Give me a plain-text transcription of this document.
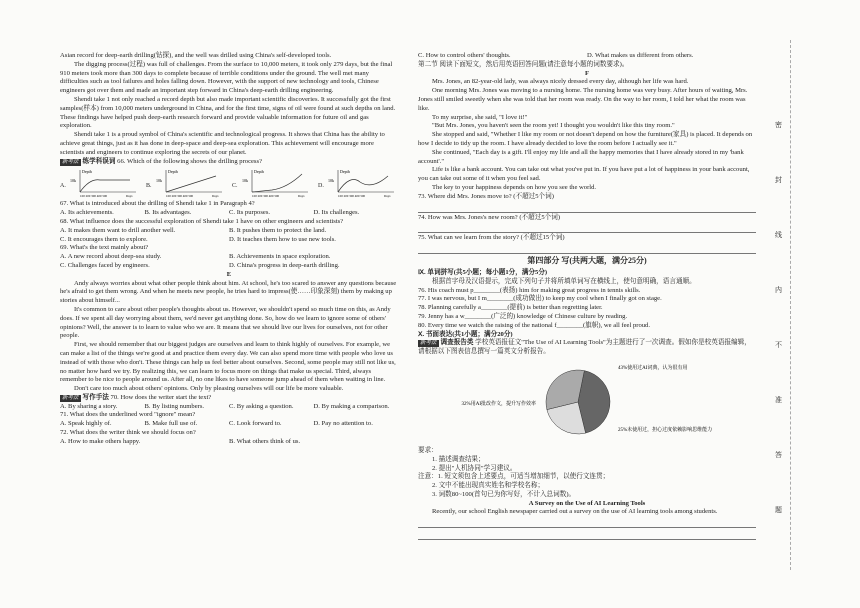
Asian record for deep-earth drilling(钻探), and the well was drilled using China's self-developed tools.

The digging process(过程) was full of challenges. From the surface to 10,000 meters, it took only 279 days, but the final 910 meters took more than 300 days to complete because of terrible conditions under the ground. The well met many difficulties such as tool failures and holes falling down. However, with the support of new technology and tools, Chinese engineers got over them and made an important step forward in China's deep-earth drilling engineering.

Shendi take 1 not only reached a record depth but also made important scientific discoveries. It successfully got the first samples(样本) from 10,000 meters underground in China, and for the first time, signs of oil were found at such depths on land. These findings have helped push deep-earth research forward and provide valuable information for future oil and gas exploration.

Shendi take 1 is a proud symbol of China's scientific and technological progress. It shows that China has the ability to achieve great things, just as it has done in deep-space and deep-sea exploration. This achievement will encourage more scientists and engineers to continue exploring the secrets of our planet.

新考法 练学科误词 66. Which of the following shows the drilling process?

A.
Depth
10k
100 200 300 400 500	Days
B.
Depth
10k
100 200 300 400 500	Days
C.
Depth
10k
100 200 300 400 500	Days
D.
Depth
10k
100 200 300 400 500	Days

67. What is introduced about the drilling of Shendi take 1 in Paragraph 4?

A. Its achievements.	B. Its advantages.	C. Its purposes.	D. Its challenges.

68. What influence does the successful exploration of Shendi take 1 have on other engineers and scientists?

A. It makes them want to drill another well.	B. It pushes them to protect the land.
C. It encourages them to explore.	D. It teaches them how to use new tools.

69. What's the text mainly about?

A. A new record about deep-sea study.	B. Achievements in space exploration.
C. Challenges faced by engineers.	D. China's progress in deep-earth drilling.

E

Andy always worries about what other people think about him. At school, he's too scared to answer any questions because he's afraid to get them wrong. And when he meets new people, he tries hard to impress(使……印象深刻) them by making up stories about himself...

It's common to care about other people's thoughts about us. However, we shouldn't spend so much time on this, as Andy does. If we spent all day worrying about them, we'd never get anything done. So, how do we learn to ignore some of others' opinions? Well, the answer is to learn to value who we are. It means that we should live our lives for ourselves, not for other people.

First, we should remember that our biggest judges are ourselves and learn to think highly of ourselves. For example, we can make a list of the things we're good at and practice them every day. We can also spend more time with people who love us instead of with those who don't. These things can help us feel better about ourselves. Second, some people may still not like us, no matter how hard we try. By realizing this, we can learn to focus more on things that make us special. Third, always remember to be nice to people around us. After all, no one likes to have someone jump ahead of them when waiting in line.

Don't care too much about others' opinions. Only by pleasing ourselves will our life be more valuable.

新考法 写作手法 70. How does the writer start the text?

A. By sharing a story.	B. By listing numbers.	C. By asking a question.	D. By making a comparison.

71. What does the underlined word "ignore" mean?

A. Speak highly of.	B. Make full use of.	C. Look forward to.	D. Pay no attention to.

72. What does the writer think we should focus on?

A. How to make others happy.	B. What others think of us.
C. How to control others' thoughts.	D. What makes us different from others.

第二节 阅读下面短文，然后用英语回答问题(请注意每小题的词数要求)。

F

Mrs. Jones, an 82-year-old lady, was always nicely dressed every day, although her life was hard.

One morning Mrs. Jones was moving to a nursing home. The nursing home was very busy. After hours of waiting, Mrs. Jones still smiled sweetly when she was told that her room was ready. On the way to her room, I told her what the room was like.

To my surprise, she said, "I love it!"

"But Mrs. Jones, you haven't seen the room yet! I thought you wouldn't like this tiny room."

She stopped and said, "Whether I like my room or not doesn't depend on how the furniture(家具) is placed. It depends on how I decide to tidy up the room. I have already decided to love the room before I actually see it."

She continued, "Each day is a gift. I'll enjoy my life and all the happy memories that I have already stored in my 'bank account'."

Life is like a bank account. You can take out what you've put in. If you have put a lot of happiness in your bank account, you can take out some of it when you feel sad.

The key to your happiness depends on how you see the world.

73. Where did Mrs. Jones move to? (不超过5个词)

74. How was Mrs. Jones's new room? (不超过5个词)

75. What can we learn from the story? (不超过15个词)

第四部分 写(共两大题，满分25分)

Ⅸ. 单词拼写(共5小题；每小题1分，满分5分)

根据首字母及汉语提示，完成下列句子并将所填单词写在横线上，使句意明确，语言通顺。

76. His coach must p________(表扬) him for making great progress in tennis skills.

77. I was nervous, but I m________(成功做出) to keep my cool when I finally got on stage.

78. Planning carefully a________(提前) is better than regretting later.

79. Jenny has a w________(广泛的) knowledge of Chinese culture by reading.

80. Every time we watch the raising of the national f________(旗帜), we all feel proud.

Ⅹ. 书面表达(共1小题；满分20分)

新考法 调查报告类 学校英语报征文"The Use of AI Learning Tools"为主题进行了一次调查。假如你是校英语报编辑，请根据以下图表信息撰写一篇英文分析报告。

43%使用过AI词典，认为很有用
25%未使用过，担心过度依赖影响思维能力
32%用AI批改作文，提升写作效率

要求：

1. 描述调查结果；

2. 提出"人机协同"学习建议。

注意：1. 短文须包含上述要点，可适当增加细节，以使行文连贯；

2. 文中不能出现真实姓名和学校名称；

3. 词数80~100(首句已为你写好，不计入总词数)。

A Survey on the Use of AI Learning Tools

Recently, our school English newspaper carried out a survey on the use of AI learning tools among students.

密
封
线
内
不
准
答
题
